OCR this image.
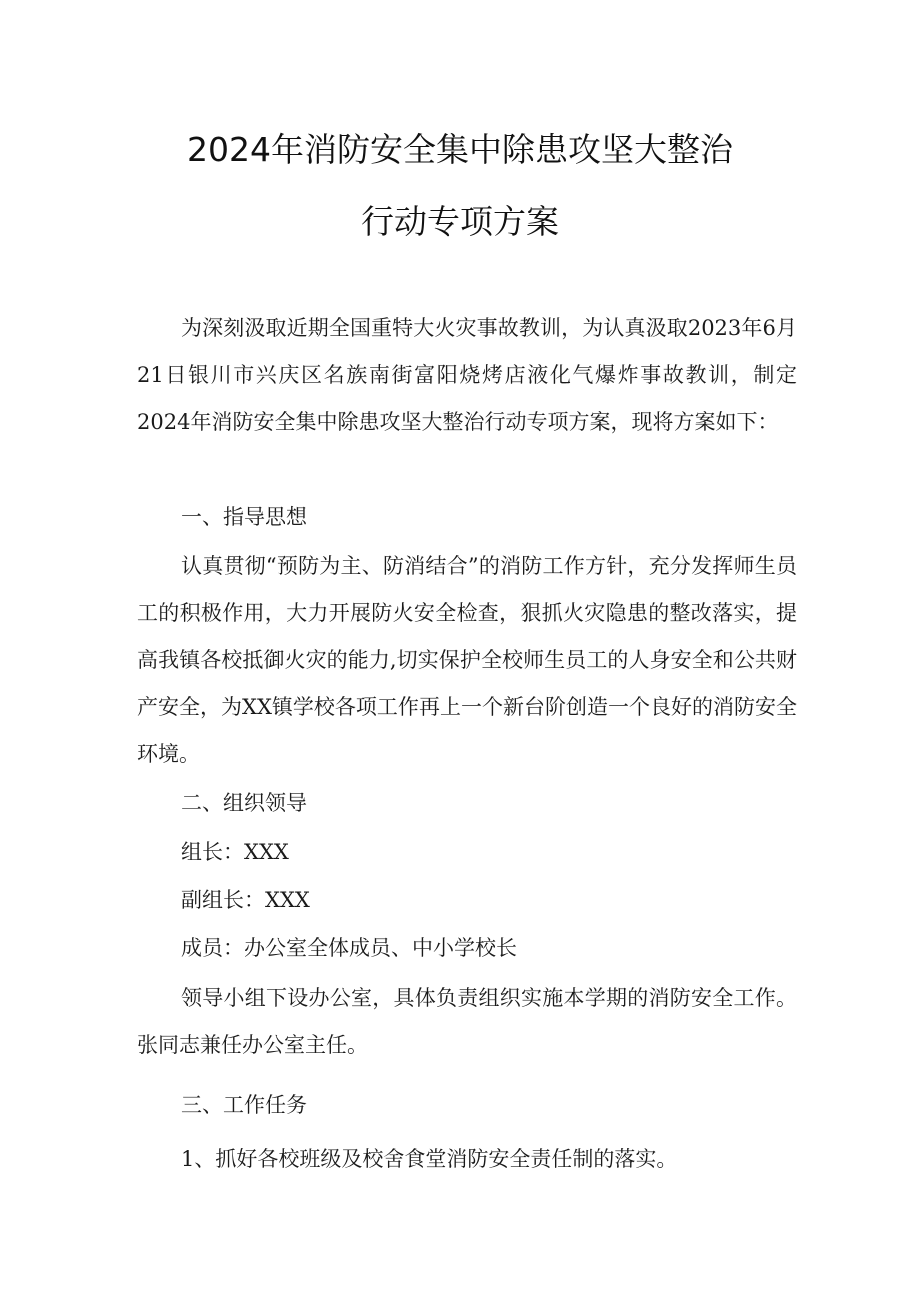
2024年消防安全集中除患攻坚大整治
行动专项方案

为深刻汲取近期全国重特大火灾事故教训，为认真汲取2023年6月21日银川市兴庆区名族南街富阳烧烤店液化气爆炸事故教训，制定2024年消防安全集中除患攻坚大整治行动专项方案，现将方案如下：

一、指导思想

认真贯彻“预防为主、防消结合”的消防工作方针，充分发挥师生员工的积极作用，大力开展防火安全检查，狠抓火灾隐患的整改落实，提高我镇各校抵御火灾的能力,切实保护全校师生员工的人身安全和公共财产安全，为XX镇学校各项工作再上一个新台阶创造一个良好的消防安全环境。

二、组织领导

组长：XXX

副组长：XXX

成员：办公室全体成员、中小学校长

领导小组下设办公室，具体负责组织实施本学期的消防安全工作。张同志兼任办公室主任。

三、工作任务

1、抓好各校班级及校舍食堂消防安全责任制的落实。
